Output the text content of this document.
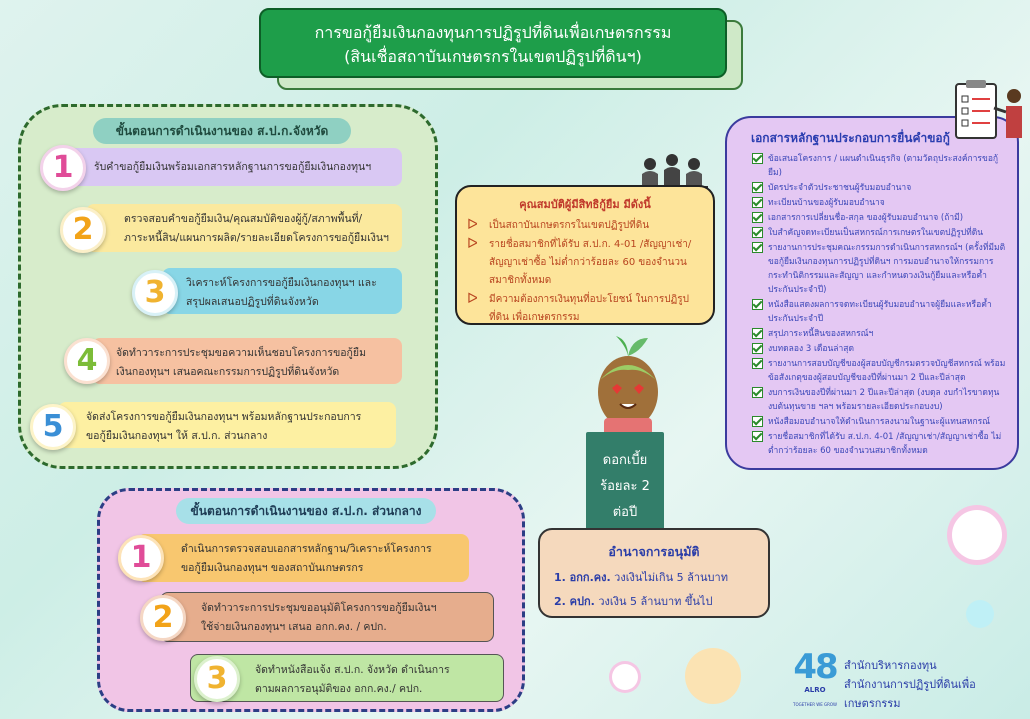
การขอกู้ยืมเงินกองทุนการปฏิรูปที่ดินเพื่อเกษตรกรรม
(สินเชื่อสถาบันเกษตรกรในเขตปฏิรูปที่ดินฯ)
ขั้นตอนการดำเนินงานของ ส.ป.ก.จังหวัด
รับคำขอกู้ยืมเงินพร้อมเอกสารหลักฐานการขอกู้ยืมเงินกองทุนฯ
1
ตรวจสอบคำขอกู้ยืมเงิน/คุณสมบัติของผู้กู้/สภาพพื้นที่/
ภาระหนี้สิน/แผนการผลิต/รายละเอียดโครงการขอกู้ยืมเงินฯ
2
วิเคราะห์โครงการขอกู้ยืมเงินกองทุนฯ และ
สรุปผลเสนอปฏิรูปที่ดินจังหวัด
3
จัดทำวาระการประชุมขอความเห็นชอบโครงการขอกู้ยืม
เงินกองทุนฯ เสนอคณะกรรมการปฏิรูปที่ดินจังหวัด
4
จัดส่งโครงการขอกู้ยืมเงินกองทุนฯ พร้อมหลักฐานประกอบการ
ขอกู้ยืมเงินกองทุนฯ ให้ ส.ป.ก. ส่วนกลาง
5
ขั้นตอนการดำเนินงานของ ส.ป.ก. ส่วนกลาง
ดำเนินการตรวจสอบเอกสารหลักฐาน/วิเคราะห์โครงการ
ขอกู้ยืมเงินกองทุนฯ ของสถาบันเกษตรกร
1
จัดทำวาระการประชุมขออนุมัติโครงการขอกู้ยืมเงินฯ
ใช้จ่ายเงินกองทุนฯ เสนอ อกก.คง. / คปก.
2
จัดทำหนังสือแจ้ง ส.ป.ก. จังหวัด ดำเนินการ
ตามผลการอนุมัติของ อกก.คง./ คปก.
3
คุณสมบัติผู้มีสิทธิกู้ยืม มีดังนี้
ᐅ เป็นสถาบันเกษตรกรในเขตปฏิรูปที่ดิน
ᐅ รายชื่อสมาชิกที่ได้รับ ส.ป.ก. 4-01 /สัญญาเช่า/ สัญญาเช่าซื้อ ไม่ต่ำกว่าร้อยละ 60 ของจำนวนสมาชิกทั้งหมด
ᐅ มีความต้องการเงินทุนที่อปะโยชน์ ในการปฏิรูปที่ดิน เพื่อเกษตรกรรม
เอกสารหลักฐานประกอบการยื่นคำขอกู้
ข้อเสนอโครงการ / แผนดำเนินธุรกิจ (ตามวัตถุประสงค์การขอกู้ยืม)
บัตรประจำตัวประชาชนผู้รับมอบอำนาจ
ทะเบียนบ้านของผู้รับมอบอำนาจ
เอกสารการเปลี่ยนชื่อ-สกุล ของผู้รับมอบอำนาจ (ถ้ามี)
ใบสำคัญจดทะเบียนเป็นสหกรณ์การเกษตรในเขตปฏิรูปที่ดิน
รายงานการประชุมคณะกรรมการดำเนินการสหกรณ์ฯ (ครั้งที่มีมติขอกู้ยืมเงินกองทุนการปฏิรูปที่ดินฯ การมอบอำนาจให้กรรมการกระทำนิติกรรมและสัญญา และกำหนดวงเงินกู้ยืมและหรือค้ำประกันประจำปี)
หนังสือแสดงผลการจดทะเบียนผู้รับมอบอำนาจผู้ยืมและหรือค้ำประกันประจำปี
สรุปภาระหนี้สินของสหกรณ์ฯ
งบทดลอง 3 เดือนล่าสุด
รายงานการสอบบัญชีของผู้สอบบัญชีกรมตรวจบัญชีสหกรณ์ พร้อมข้อสังเกตุของผู้สอบบัญชีของปีที่ผ่านมา 2 ปีและปีล่าสุด
งบการเงินของปีที่ผ่านมา 2 ปีและปีล่าสุด (งบดุล งบกำไรขาดทุน งบต้นทุนขาย ฯลฯ พร้อมรายละเอียดประกอบงบ)
หนังสือมอบอำนาจให้ดำเนินการลงนามในฐานะผู้แทนสหกรณ์
รายชื่อสมาชิกที่ได้รับ ส.ป.ก. 4-01 /สัญญาเช่า/สัญญาเช่าซื้อ ไม่ต่ำกว่าร้อยละ 60 ของจำนวนสมาชิกทั้งหมด
ดอกเบี้ย
ร้อยละ 2
ต่อปี
อำนาจการอนุมัติ
1. อกก.คง. วงเงินไม่เกิน 5 ล้านบาท
2. คปก. วงเงิน 5 ล้านบาท ขึ้นไป
48
ALRO
TOGETHER WE GROW
สำนักบริหารกองทุน
สำนักงานการปฏิรูปที่ดินเพื่อเกษตรกรรม
